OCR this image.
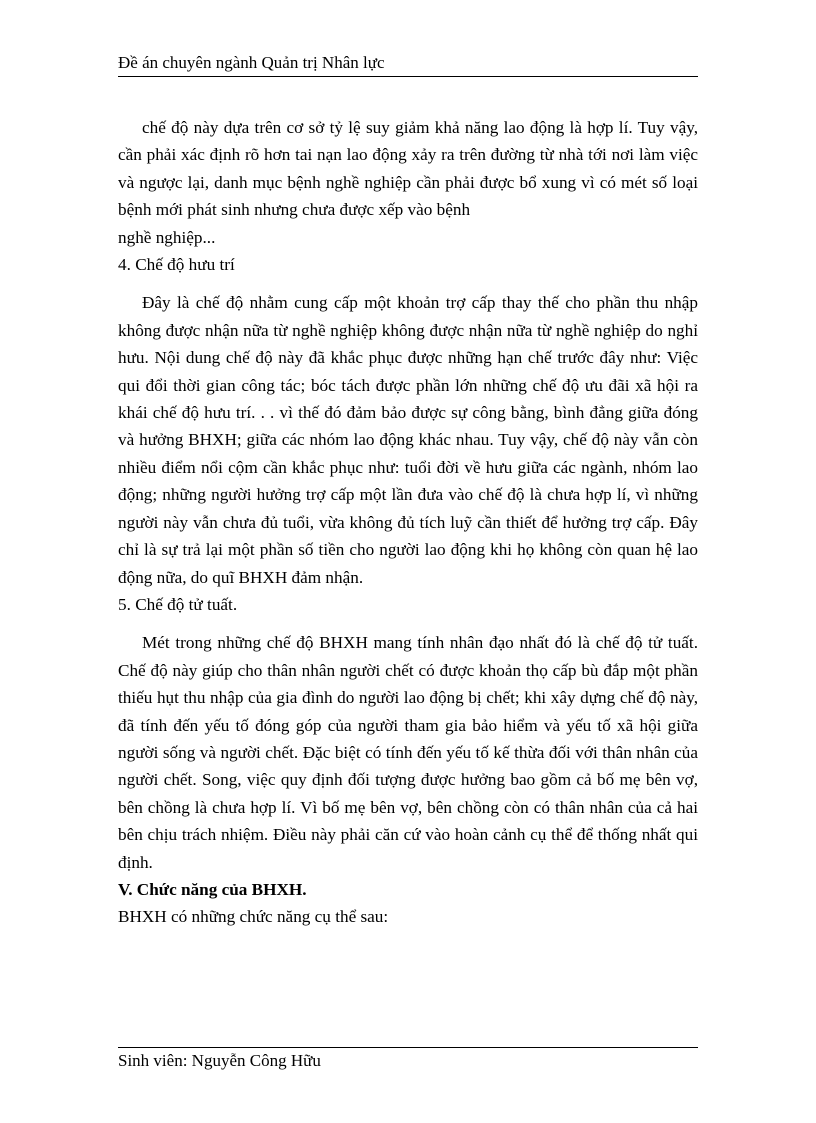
Đề án chuyên ngành Quản trị Nhân lực

chế độ này dựa trên cơ sở tỷ lệ suy giảm khả năng lao động là hợp lí. Tuy vậy, cần phải xác định rõ hơn tai nạn lao động xảy ra trên đường từ nhà tới nơi làm việc và ngược lại, danh mục bệnh nghề nghiệp cần phải được bổ xung vì có mét số loại bệnh mới phát sinh nhưng chưa được xếp vào bệnh

nghề nghiệp...

4. Chế độ hưu trí

Đây là chế độ nhằm cung cấp một khoản trợ cấp thay thế cho phần thu nhập không được nhận nữa từ nghề nghiệp không được nhận nữa từ nghề nghiệp do nghỉ hưu. Nội dung chế độ này đã khắc phục được những hạn chế trước đây như: Việc qui đổi thời gian công tác; bóc tách được phần lớn những chế độ ưu đãi xã hội ra khái chế độ hưu trí. . . vì thế đó đảm bảo được sự công bằng, bình đẳng giữa đóng và hưởng BHXH; giữa các nhóm lao động khác nhau. Tuy vậy, chế độ này vẫn còn nhiều điểm nổi cộm cần khắc phục như: tuổi đời về hưu giữa các ngành, nhóm lao động; những người hưởng trợ cấp một lần đưa vào chế độ là chưa hợp lí, vì những người này vẫn chưa đủ tuổi, vừa không đủ tích luỹ cần thiết để hưởng trợ cấp. Đây chỉ là sự trả lại một phần số tiền cho người lao động khi họ không còn quan hệ lao động nữa, do quĩ BHXH đảm nhận.

5. Chế độ tử tuất.

Mét trong những chế độ BHXH mang tính nhân đạo nhất đó là chế độ tử tuất. Chế độ này giúp cho thân nhân người chết có được khoản thọ cấp bù đắp một phần thiếu hụt thu nhập của gia đình do người lao động bị chết; khi xây dựng chế độ này, đã tính đến yếu tố đóng góp của người tham gia bảo hiểm và yếu tố xã hội giữa người sống và người chết. Đặc biệt có tính đến yếu tố kế thừa đối với thân nhân của người chết. Song, việc quy định đối tượng được hưởng bao gồm cả bố mẹ bên vợ, bên chồng là chưa hợp lí. Vì bố mẹ bên vợ, bên chồng còn có thân nhân của cả hai bên chịu trách nhiệm. Điều này phải căn cứ vào hoàn cảnh cụ thể để thống nhất qui định.

V. Chức năng của BHXH.

BHXH có những chức năng cụ thể sau:

Sinh viên: Nguyễn Công Hữu
